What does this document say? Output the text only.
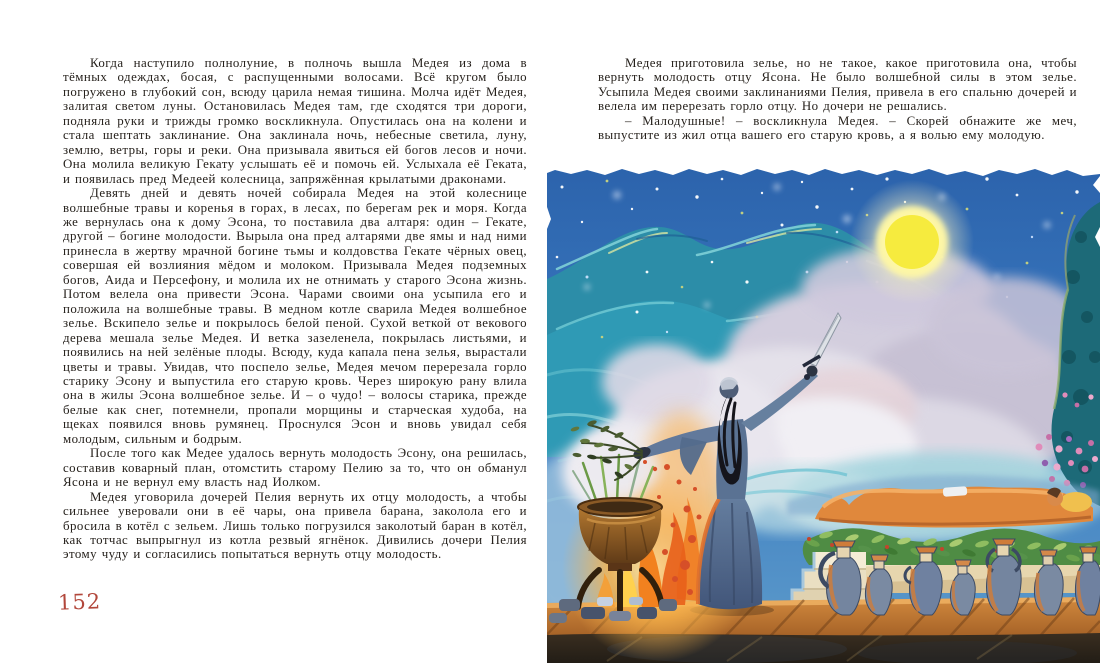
Когда наступило полнолуние, в полночь вышла Медея из дома в тёмных одеждах, босая, с распущенными волосами. Всё кругом было погружено в глубокий сон, всюду царила немая тишина. Молча идёт Медея, залитая светом луны. Остановилась Медея там, где сходятся три дороги, подняла руки и трижды громко воскликнула. Опустилась она на колени и стала шептать заклинание. Она заклинала ночь, небесные светила, луну, землю, ветры, горы и реки. Она призывала явиться ей богов лесов и ночи. Она молила великую Гекату услышать её и помочь ей. Услыхала её Геката, и появилась пред Медеей колесница, запряжённая крылатыми драконами.

Девять дней и девять ночей собирала Медея на этой колеснице волшебные травы и коренья в горах, в лесах, по берегам рек и моря. Когда же вернулась она к дому Эсона, то поставила два алтаря: один – Гекате, другой – богине молодости. Вырыла она пред алтарями две ямы и над ними принесла в жертву мрачной богине тьмы и колдовства Гекате чёрных овец, совершая ей возлияния мёдом и молоком. Призывала Медея подземных богов, Аида и Персефону, и молила их не отнимать у старого Эсона жизнь. Потом велела она привести Эсона. Чарами своими она усыпила его и положила на волшебные травы. В медном котле сварила Медея волшебное зелье. Вскипело зелье и покрылось белой пеной. Сухой веткой от векового дерева мешала зелье Медея. И ветка зазеленела, покрылась листьями, и появились на ней зелёные плоды. Всюду, куда капала пена зелья, вырастали цветы и травы. Увидав, что поспело зелье, Медея мечом перерезала горло старику Эсону и выпустила его старую кровь. Через широкую рану влила она в жилы Эсона волшебное зелье. И – о чудо! – волосы старика, прежде белые как снег, потемнели, пропали морщины и старческая худоба, на щеках появился вновь румянец. Проснулся Эсон и вновь увидал себя молодым, сильным и бодрым.

После того как Медее удалось вернуть молодость Эсону, она решилась, составив коварный план, отомстить старому Пелию за то, что он обманул Ясона и не вернул ему власть над Иолком.

Медея уговорила дочерей Пелия вернуть их отцу молодость, а чтобы сильнее уверовали они в её чары, она привела барана, заколола его и бросила в котёл с зельем. Лишь только погрузился заколотый баран в котёл, как тотчас выпрыгнул из котла резвый ягнёнок. Дивились дочери Пелия этому чуду и согласились попытаться вернуть отцу молодость.

152

Медея приготовила зелье, но не такое, какое приготовила она, чтобы вернуть молодость отцу Ясона. Не было волшебной силы в этом зелье. Усыпила Медея своими заклинаниями Пелия, привела в его спальню дочерей и велела им перерезать горло отцу. Но дочери не решались.

– Малодушные! – воскликнула Медея. – Скорей обнажите же меч, выпустите из жил отца вашего его старую кровь, а я волью ему молодую.
